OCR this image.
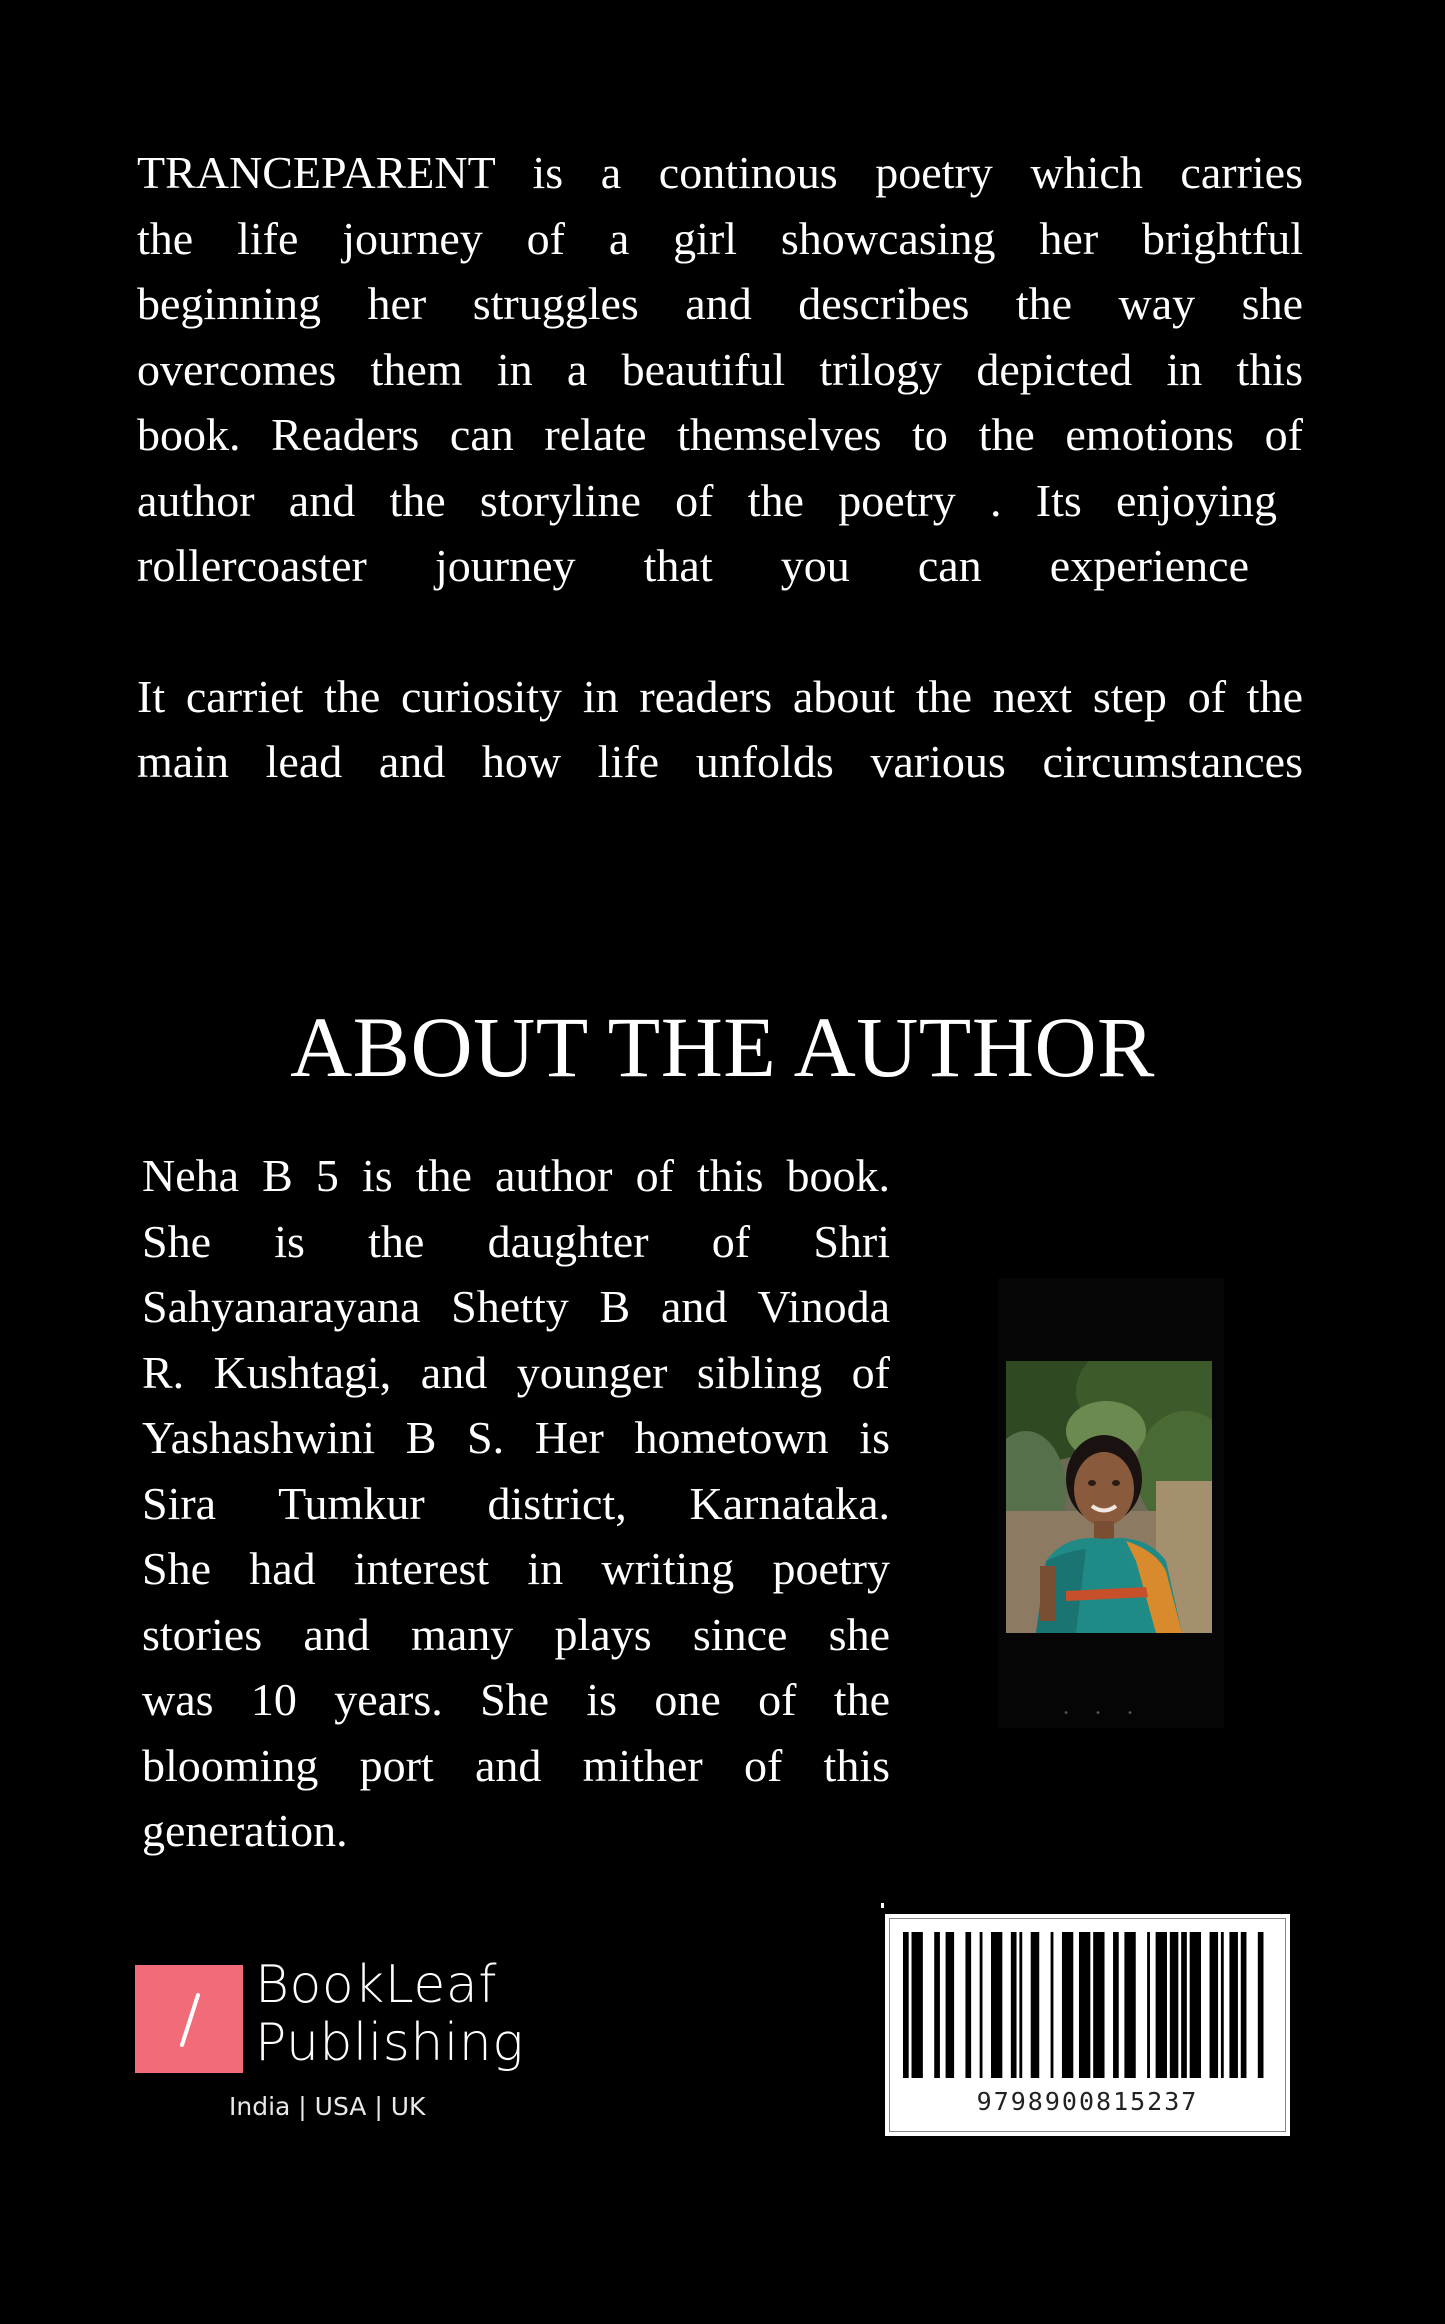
TRANCEPARENT is a continous poetry which carries
the life journey of a girl showcasing her brightful
beginning her struggles and describes the way she
overcomes them in a beautiful trilogy depicted in this
book. Readers can relate themselves to the emotions of
author and the storyline of the poetry . Its enjoying
rollercoaster journey that you can experience

It carriet the curiosity in readers about the next step of the
main lead and how life unfolds various circumstances

ABOUT THE AUTHOR
Neha B 5 is the author of this book.
She is the daughter of Shri
Sahyanarayana Shetty B and Vinoda
R. Kushtagi, and younger sibling of
Yashashwini B S. Her hometown is
Sira Tumkur district, Karnataka.
She had interest in writing poetry
stories and many plays since she
was 10 years. She is one of the
blooming port and mither of this
generation.
•••
BookLeaf
Publishing
India | USA | UK	9798900815237
